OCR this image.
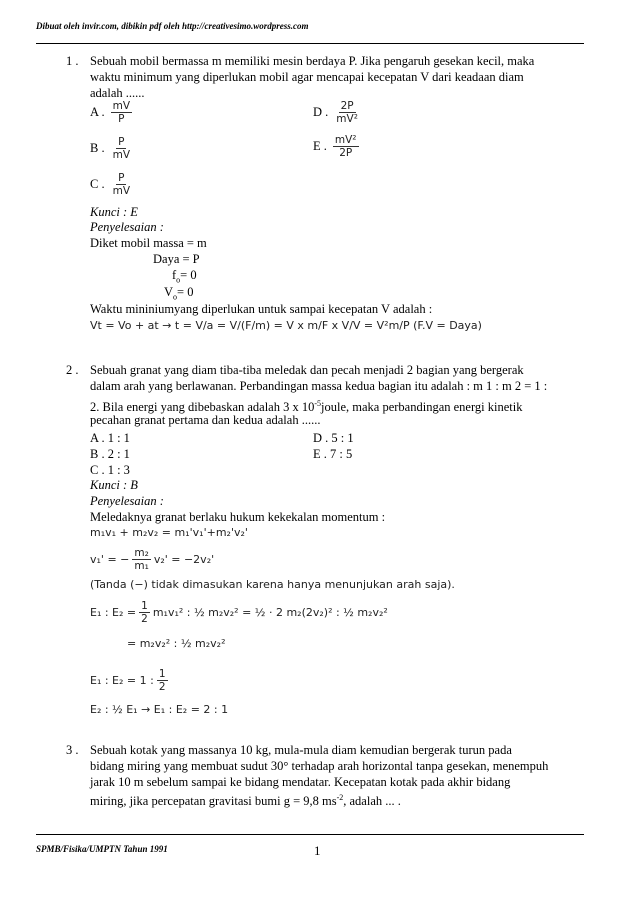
Dibuat oleh invir.com, dibikin pdf oleh http://creativesimo.wordpress.com
1 . Sebuah mobil bermassa m memiliki mesin berdaya P. Jika pengaruh gesekan kecil, maka
waktu minimum yang diperlukan mobil agar mencapai kecepatan V dari keadaan diam
adalah ......
A . $\frac{mV}{P}$	D . $\frac{2P}{\text{mV²}}$
B . $\frac{P}{mV}$	E . $\frac{\text{mV²}}{2P}$
C . $\frac{P}{mV}$
Kunci : E
Penyelesaian :
Diket mobil massa = m
Daya = P
$f_o= 0$
$V_o= 0$
Waktu mininiumyang diperlukan untuk sampai kecepatan V adalah :
Vt = Vo + at → t = V/a = V/(F/m) = V x m/F x V/V = V²m/P (F.V = Daya)
2 . Sebuah granat yang diam tiba-tiba meledak dan pecah menjadi 2 bagian yang bergerak
dalam arah yang berlawanan. Perbandingan massa kedua bagian itu adalah : m 1 : m 2 = 1 :
2. Bila energi yang dibebaskan adalah 3 x $10^{-5}joule$, maka perbandingan energi kinetik
pecahan granat pertama dan kedua adalah ......
A . 1 : 1	D . 5 : 1
B . 2 : 1	E . 7 : 5
C . 1 : 3
Kunci : B
Penyelesaian :
Meledaknya granat berlaku hukum kekekalan momentum :
m₁v₁ + m₂v₂ = m₁'v₁'+m₂'v₂'
v₁' = − $\frac{\text{m₂}}{\text{m₁}} v_2' = -2v_2'$
(Tanda (−) tidak dimasukan karena hanya menunjukan arah saja).
E₁ : $E_2 = \frac{1}{2} m_1v_1^2$ : ½ m₂v₂² = ½ · 2 m₂(2v₂)² : ½ m₂v₂²
= m₂v₂² : ½ m₂v₂²
E₁ : E₂ = 1 : $\frac{1}{2}$
E₂ : ½ E₁ → E₁ : E₂ = 2 : 1
3 . Sebuah kotak yang massanya 10 kg, mula-mula diam kemudian bergerak turun pada
bidang miring yang membuat sudut 30° terhadap arah horizontal tanpa gesekan, menempuh
jarak 10 m sebelum sampai ke bidang mendatar. Kecepatan kotak pada akhir bidang
miring, jika percepatan gravitasi bumi g = 9,8 $ms^{-2}$, adalah ... .
SPMB/Fisika/UMPTN Tahun 1991	1
